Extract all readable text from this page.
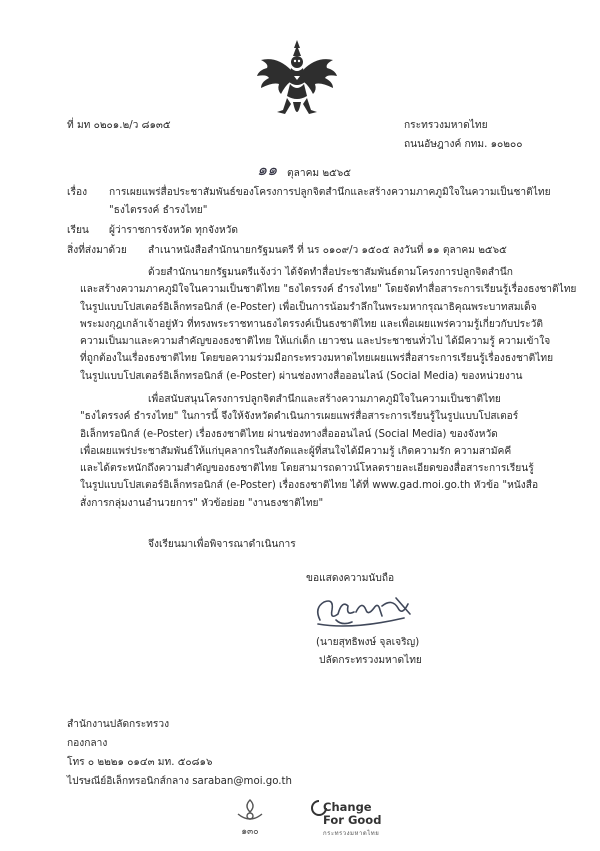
ที่ มท ๐๒๐๑.๒/ว ๘๑๓๕	กระทรวงมหาดไทย
ถนนอัษฎางค์ กทม. ๑๐๒๐๐
๑๑ ตุลาคม ๒๕๖๕
เรื่อง การเผยแพร่สื่อประชาสัมพันธ์ของโครงการปลูกจิตสำนึกและสร้างความภาคภูมิใจในความเป็นชาติไทย
"ธงไตรรงค์ ธำรงไทย"
เรียน ผู้ว่าราชการจังหวัด ทุกจังหวัด
สิ่งที่ส่งมาด้วย สำเนาหนังสือสำนักนายกรัฐมนตรี ที่ นร ๐๑๐๙/ว ๑๕๐๕ ลงวันที่ ๑๑ ตุลาคม ๒๕๖๕
ด้วยสำนักนายกรัฐมนตรีแจ้งว่า ได้จัดทำสื่อประชาสัมพันธ์ตามโครงการปลูกจิตสำนึก
และสร้างความภาคภูมิใจในความเป็นชาติไทย "ธงไตรรงค์ ธำรงไทย" โดยจัดทำสื่อสาระการเรียนรู้เรื่องธงชาติไทย
ในรูปแบบโปสเตอร์อิเล็กทรอนิกส์ (e-Poster) เพื่อเป็นการน้อมรำลึกในพระมหากรุณาธิคุณพระบาทสมเด็จ
พระมงกุฎเกล้าเจ้าอยู่หัว ที่ทรงพระราชทานธงไตรรงค์เป็นธงชาติไทย และเพื่อเผยแพร่ความรู้เกี่ยวกับประวัติ
ความเป็นมาและความสำคัญของธงชาติไทย ให้แก่เด็ก เยาวชน และประชาชนทั่วไป ได้มีความรู้ ความเข้าใจ
ที่ถูกต้องในเรื่องธงชาติไทย โดยขอความร่วมมือกระทรวงมหาดไทยเผยแพร่สื่อสาระการเรียนรู้เรื่องธงชาติไทย
ในรูปแบบโปสเตอร์อิเล็กทรอนิกส์ (e-Poster) ผ่านช่องทางสื่อออนไลน์ (Social Media) ของหน่วยงาน
เพื่อสนับสนุนโครงการปลูกจิตสำนึกและสร้างความภาคภูมิใจในความเป็นชาติไทย
"ธงไตรรงค์ ธำรงไทย" ในการนี้ จึงให้จังหวัดดำเนินการเผยแพร่สื่อสาระการเรียนรู้ในรูปแบบโปสเตอร์
อิเล็กทรอนิกส์ (e-Poster) เรื่องธงชาติไทย ผ่านช่องทางสื่อออนไลน์ (Social Media) ของจังหวัด
เพื่อเผยแพร่ประชาสัมพันธ์ให้แก่บุคลากรในสังกัดและผู้ที่สนใจได้มีความรู้ เกิดความรัก ความสามัคคี
และได้ตระหนักถึงความสำคัญของธงชาติไทย โดยสามารถดาวน์โหลดรายละเอียดของสื่อสาระการเรียนรู้
ในรูปแบบโปสเตอร์อิเล็กทรอนิกส์ (e-Poster) เรื่องธงชาติไทย ได้ที่ www.gad.moi.go.th หัวข้อ "หนังสือ
สั่งการกลุ่มงานอำนวยการ" หัวข้อย่อย "งานธงชาติไทย"
จึงเรียนมาเพื่อพิจารณาดำเนินการ
ขอแสดงความนับถือ
(นายสุทธิพงษ์ จุลเจริญ)
ปลัดกระทรวงมหาดไทย
สำนักงานปลัดกระทรวง
กองกลาง
โทร ๐ ๒๒๒๑ ๐๑๔๓ มท. ๕๐๘๑๖
ไปรษณีย์อิเล็กทรอนิกส์กลาง saraban@moi.go.th
๑๓๐
Change
For Good
กระทรวงมหาดไทย
